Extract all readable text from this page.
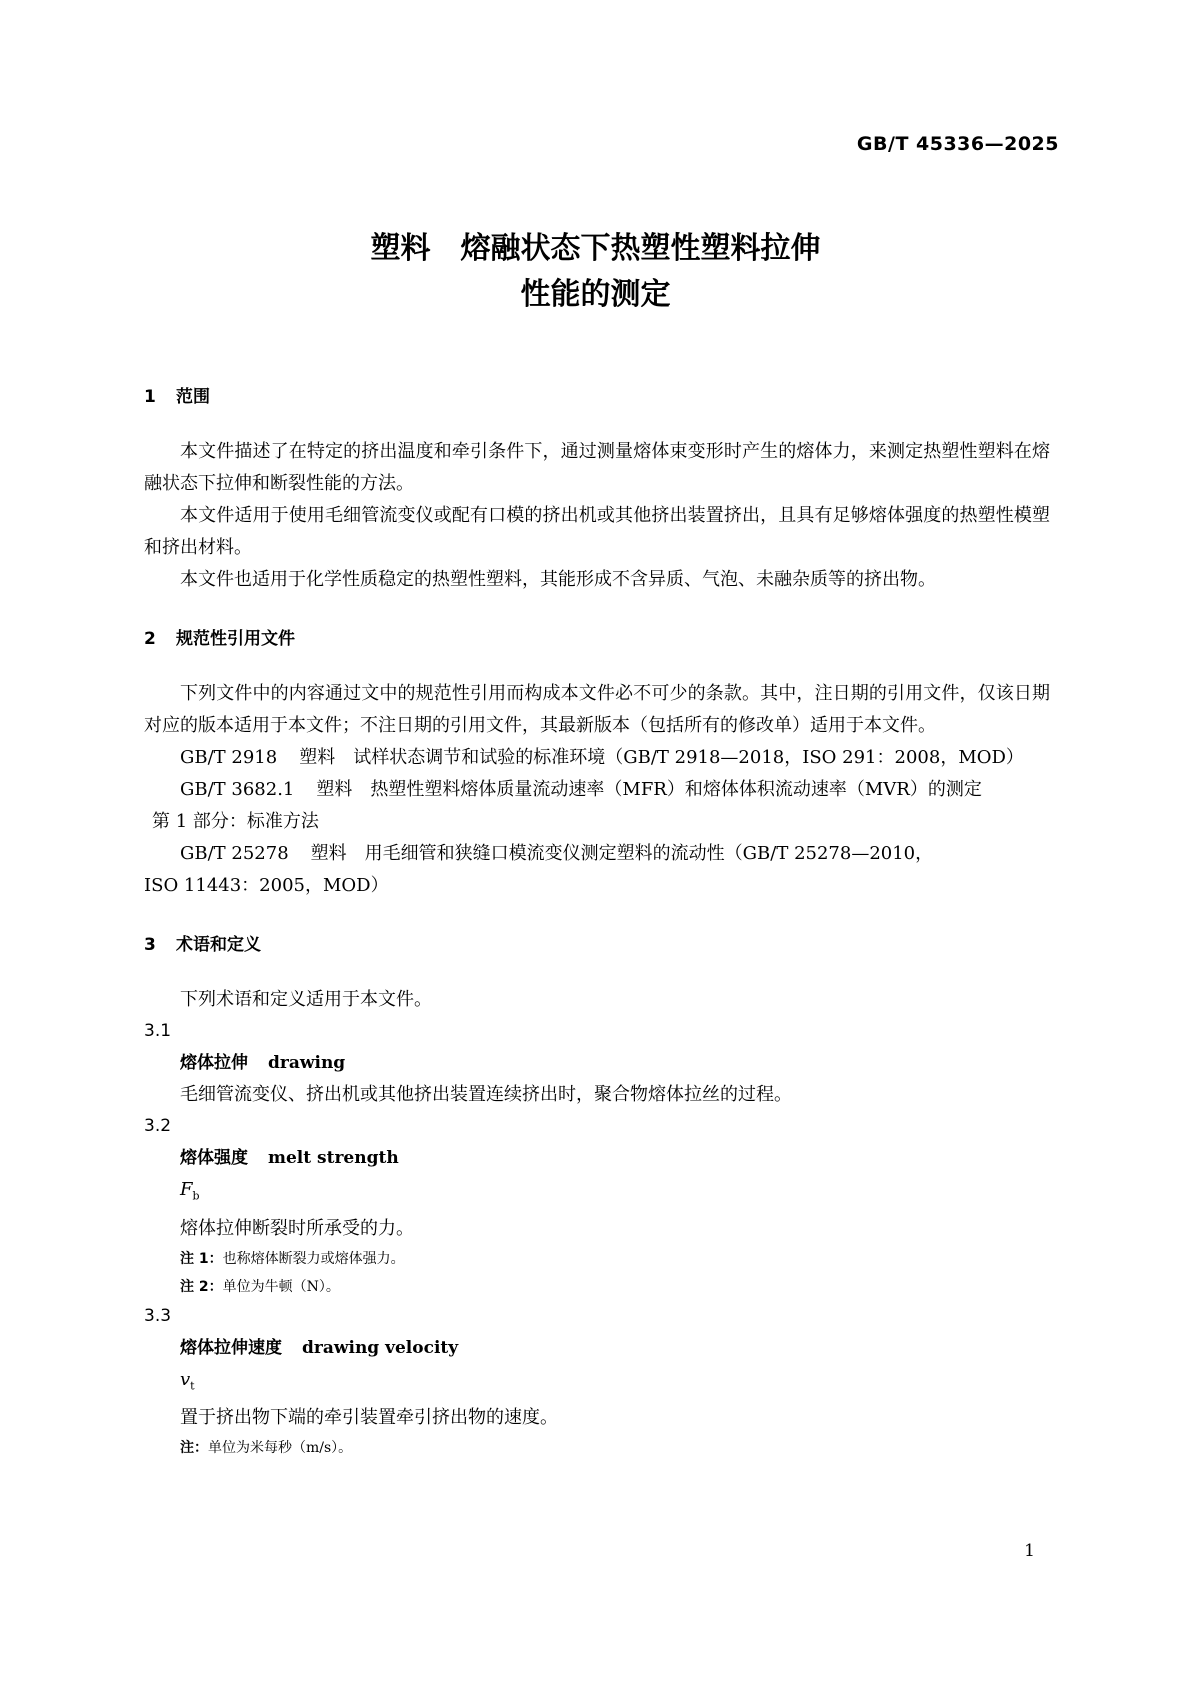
GB/T 45336—2025
塑料　熔融状态下热塑性塑料拉伸
性能的测定
1 范围

本文件描述了在特定的挤出温度和牵引条件下，通过测量熔体束变形时产生的熔体力，来测定热塑性塑料在熔融状态下拉伸和断裂性能的方法。

本文件适用于使用毛细管流变仪或配有口模的挤出机或其他挤出装置挤出，且具有足够熔体强度的热塑性模塑和挤出材料。

本文件也适用于化学性质稳定的热塑性塑料，其能形成不含异质、气泡、未融杂质等的挤出物。

2 规范性引用文件

下列文件中的内容通过文中的规范性引用而构成本文件必不可少的条款。其中，注日期的引用文件，仅该日期对应的版本适用于本文件；不注日期的引用文件，其最新版本（包括所有的修改单）适用于本文件。

GB/T 2918 塑料　试样状态调节和试验的标准环境（GB/T 2918—2018，ISO 291：2008，MOD）

GB/T 3682.1 塑料　热塑性塑料熔体质量流动速率（MFR）和熔体体积流动速率（MVR）的测定

第 1 部分：标准方法

GB/T 25278 塑料　用毛细管和狭缝口模流变仪测定塑料的流动性（GB/T 25278—2010，

ISO 11443：2005，MOD）

3 术语和定义

下列术语和定义适用于本文件。

3.1
熔体拉伸 drawing
毛细管流变仪、挤出机或其他挤出装置连续挤出时，聚合物熔体拉丝的过程。
3.2
熔体强度 melt strength
$F_b$
熔体拉伸断裂时所承受的力。
注 1：也称熔体断裂力或熔体强力。
注 2：单位为牛顿（N）。
3.3
熔体拉伸速度 drawing velocity
$v_t$
置于挤出物下端的牵引装置牵引挤出物的速度。
注：单位为米每秒（m/s）。
1
